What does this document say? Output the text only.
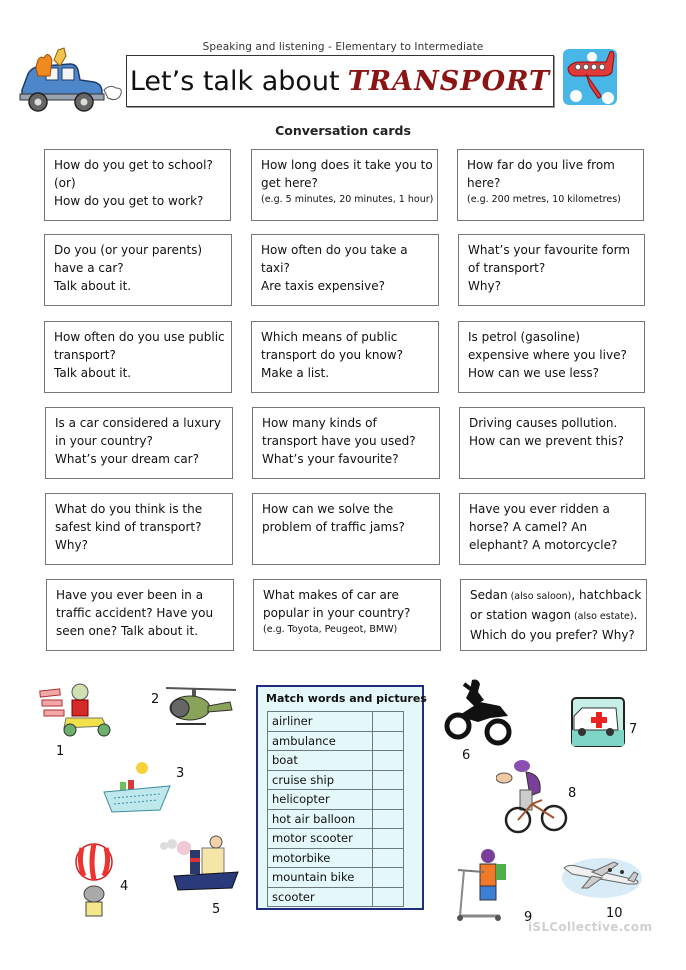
Speaking and listening - Elementary to Intermediate
Let’s talk about TRANSPORT
Conversation cards
How do you get to school?
(or)
How do you get to work?
How long does it take you to
get here?
(e.g. 5 minutes, 20 minutes, 1 hour)
How far do you live from
here?
(e.g. 200 metres, 10 kilometres)
Do you (or your parents)
have a car?
Talk about it.
How often do you take a
taxi?
Are taxis expensive?
What’s your favourite form
of transport?
Why?
How often do you use public
transport?
Talk about it.
Which means of public
transport do you know?
Make a list.
Is petrol (gasoline)
expensive where you live?
How can we use less?
Is a car considered a luxury
in your country?
What’s your dream car?
How many kinds of
transport have you used?
What’s your favourite?
Driving causes pollution.
How can we prevent this?
What do you think is the
safest kind of transport?
Why?
How can we solve the
problem of traffic jams?
Have you ever ridden a
horse? A camel? An
elephant? A motorcycle?
Have you ever been in a
traffic accident? Have you
seen one? Talk about it.
What makes of car are
popular in your country?
(e.g. Toyota, Peugeot, BMW)
Sedan (also saloon), hatchback
or station wagon (also estate).
Which do you prefer? Why?
Match words and pictures
airliner	
ambulance	
boat	
cruise ship	
helicopter	
hot air balloon	
motor scooter	
motorbike	
mountain bike	
scooter	
1
2
3
4
5
6
7
8
9	10
iSLCollective.com
